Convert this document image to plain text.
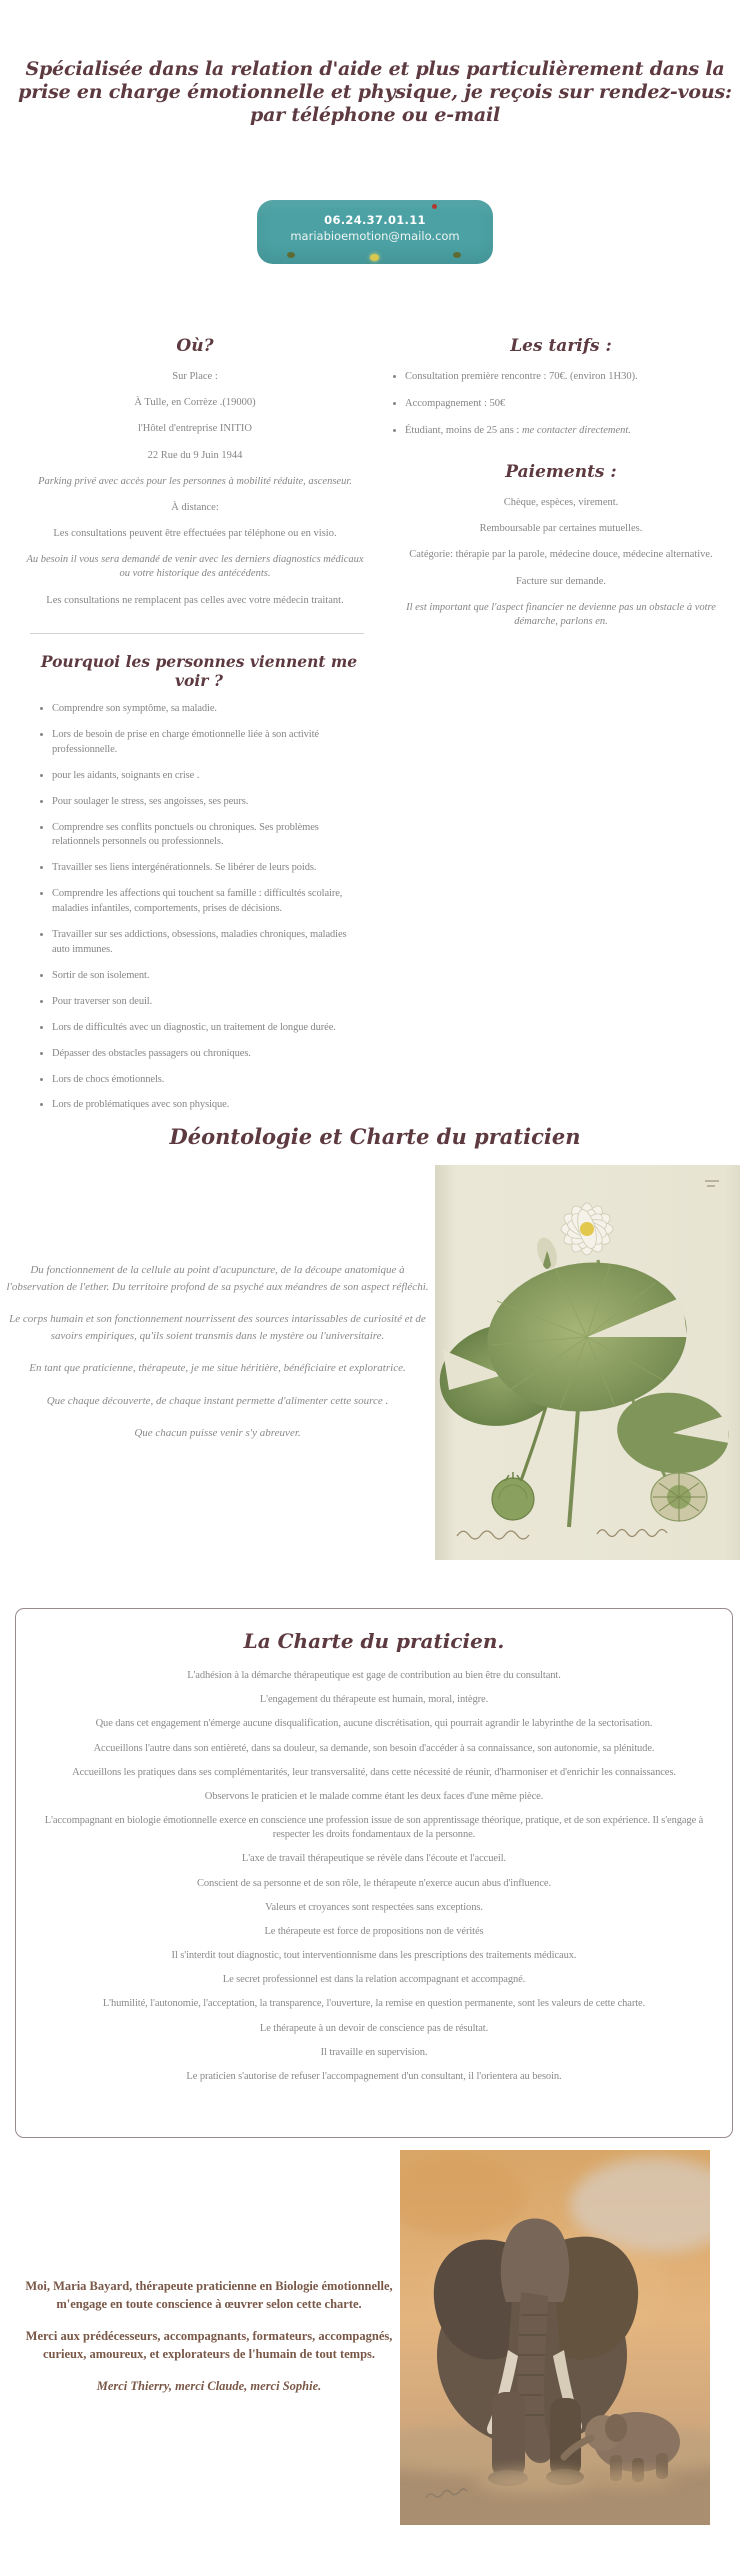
Spécialisée dans la relation d'aide et plus particulièrement dans la prise en charge émotionnelle et physique, je reçois sur rendez-vous: par téléphone ou e-mail
06.24.37.01.11
mariabioemotion@mailo.com
Où?

Sur Place :

À Tulle, en Corrèze .(19000)

l'Hôtel d'entreprise INITIO

22 Rue du 9 Juin 1944

Parking privé avec accès pour les personnes à mobilité réduite, ascenseur.

À distance:

Les consultations peuvent être effectuées par téléphone ou en visio.

Au besoin il vous sera demandé de venir avec les derniers diagnostics médicaux ou votre historique des antécédents.

Les consultations ne remplacent pas celles avec votre médecin traitant.

Les tarifs :
• Consultation première rencontre : 70€. (environ 1H30).
• Accompagnement : 50€
• Étudiant, moins de 25 ans : me contacter directement.
Paiements :

Chèque, espèces, virement.

Remboursable par certaines mutuelles.

Catégorie: thérapie par la parole, médecine douce, médecine alternative.

Facture sur demande.

Il est important que l'aspect financier ne devienne pas un obstacle à votre démarche, parlons en.

Pourquoi les personnes viennent me voir ?
• Comprendre son symptôme, sa maladie.
• Lors de besoin de prise en charge émotionnelle liée à son activité professionnelle.
• pour les aidants, soignants en crise .
• Pour soulager le stress, ses angoisses, ses peurs.
• Comprendre ses conflits ponctuels ou chroniques. Ses problèmes relationnels personnels ou professionnels.
• Travailler ses liens intergénérationnels. Se libérer de leurs poids.
• Comprendre les affections qui touchent sa famille : difficultés scolaire, maladies infantiles, comportements, prises de décisions.
• Travailler sur ses addictions, obsessions, maladies chroniques, maladies auto immunes.
• Sortir de son isolement.
• Pour traverser son deuil.
• Lors de difficultés avec un diagnostic, un traitement de longue durée.
• Dépasser des obstacles passagers ou chroniques.
• Lors de chocs émotionnels.
• Lors de problématiques avec son physique.
Déontologie et Charte du praticien

Du fonctionnement de la cellule au point d'acupuncture, de la découpe anatomique à l'observation de l'ether. Du territoire profond de sa psyché aux méandres de son aspect réfléchi.

Le corps humain et son fonctionnement nourrissent des sources intarissables de curiosité et de savoirs empiriques, qu'ils soient transmis dans le mystère ou l'universitaire.

En tant que praticienne, thérapeute, je me situe héritière, bénéficiaire et exploratrice.

Que chaque découverte, de chaque instant permette d'alimenter cette source .

Que chacun puisse venir s'y abreuver.

La Charte du praticien.

L'adhésion à la démarche thérapeutique est gage de contribution au bien être du consultant.

L'engagement du thérapeute est humain, moral, intègre.

Que dans cet engagement n'émerge aucune disqualification, aucune discrétisation, qui pourrait agrandir le labyrinthe de la sectorisation.

Accueillons l'autre dans son entièreté, dans sa douleur, sa demande, son besoin d'accéder à sa connaissance, son autonomie, sa plénitude.

Accueillons les pratiques dans ses complémentarités, leur transversalité, dans cette nécessité de réunir, d'harmoniser et d'enrichir les connaissances.

Observons le praticien et le malade comme étant les deux faces d'une même pièce.

L'accompagnant en biologie émotionnelle exerce en conscience une profession issue de son apprentissage théorique, pratique, et de son expérience. Il s'engage à respecter les droits fondamentaux de la personne.

L'axe de travail thérapeutique se révèle dans l'écoute et l'accueil.

Conscient de sa personne et de son rôle, le thérapeute n'exerce aucun abus d'influence.

Valeurs et croyances sont respectées sans exceptions.

Le thérapeute est force de propositions non de vérités

Il s'interdit tout diagnostic, tout interventionnisme dans les prescriptions des traitements médicaux.

Le secret professionnel est dans la relation accompagnant et accompagné.

L'humilité, l'autonomie, l'acceptation, la transparence, l'ouverture, la remise en question permanente, sont les valeurs de cette charte.

Le thérapeute à un devoir de conscience pas de résultat.

Il travaille en supervision.

Le praticien s'autorise de refuser l'accompagnement d'un consultant, il l'orientera au besoin.

Moi, Maria Bayard, thérapeute praticienne en Biologie émotionnelle, m'engage en toute conscience à œuvrer selon cette charte.

Merci aux prédécesseurs, accompagnants, formateurs, accompagnés, curieux, amoureux, et explorateurs de l'humain de tout temps.

Merci Thierry, merci Claude, merci Sophie.
